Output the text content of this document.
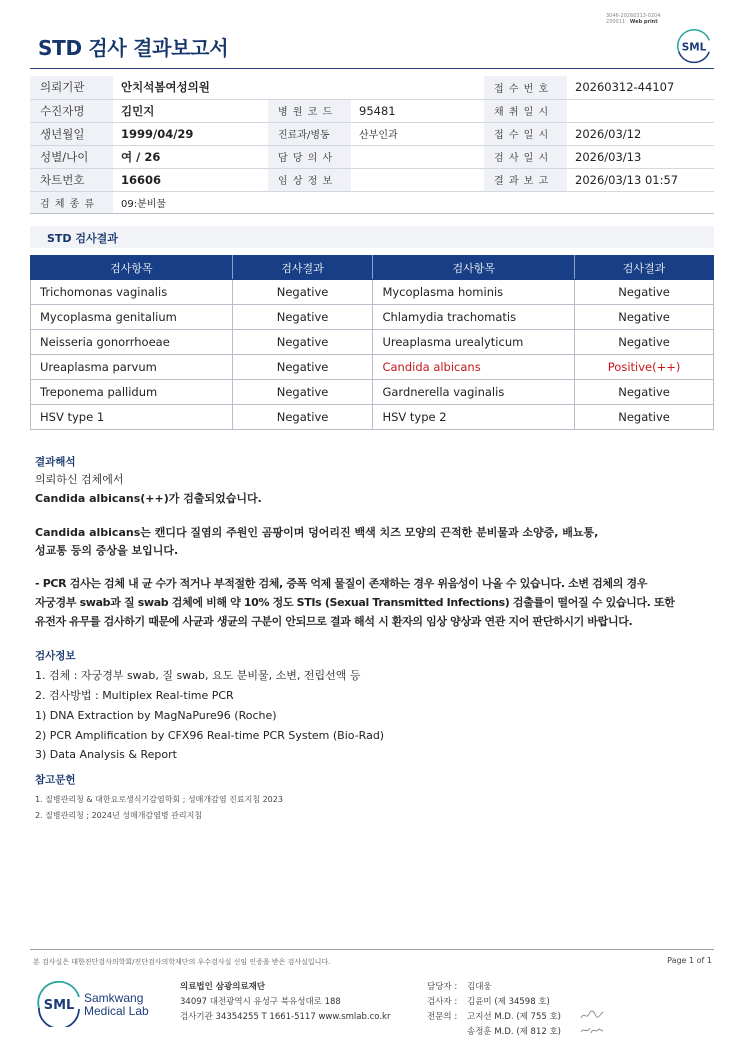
3046-20260313-0204
230011 Web print
STD 검사 결과보고서	SML
의뢰기관	안치석봄여성의원			접 수 번 호	20260312-44107
수진자명	김민지	병 원 코 드	95481	채 취 일 시	
생년월일	1999/04/29	진료과/병동	산부인과	접 수 일 시	2026/03/12
성별/나이	여 / 26	담 당 의 사		검 사 일 시	2026/03/13
차트번호	16606	임 상 정 보		결 과 보 고	2026/03/13 01:57
검 체 종 류	09:분비물				
STD 검사결과
검사항목	검사결과	검사항목	검사결과
Trichomonas vaginalis	Negative	Mycoplasma hominis	Negative
Mycoplasma genitalium	Negative	Chlamydia trachomatis	Negative
Neisseria gonorrhoeae	Negative	Ureaplasma urealyticum	Negative
Ureaplasma parvum	Negative	Candida albicans	Positive(++)
Treponema pallidum	Negative	Gardnerella vaginalis	Negative
HSV type 1	Negative	HSV type 2	Negative
결과해석
의뢰하신 검체에서
Candida albicans(++)가 검출되었습니다.
Candida albicans는 캔디다 질염의 주원인 곰팡이며 덩어리진 백색 치즈 모양의 끈적한 분비물과 소양증, 배뇨통,
성교통 등의 증상을 보입니다.
- PCR 검사는 검체 내 균 수가 적거나 부적절한 검체, 증폭 억제 물질이 존재하는 경우 위음성이 나올 수 있습니다. 소변 검체의 경우
자궁경부 swab과 질 swab 검체에 비해 약 10% 정도 STIs (Sexual Transmitted Infections) 검출률이 떨어질 수 있습니다. 또한
유전자 유무를 검사하기 때문에 사균과 생균의 구분이 안되므로 결과 해석 시 환자의 임상 양상과 연관 지어 판단하시기 바랍니다.
검사정보
1. 검체 : 자궁경부 swab, 질 swab, 요도 분비물, 소변, 전립선액 등
2. 검사방법 : Multiplex Real-time PCR
1) DNA Extraction by MagNaPure96 (Roche)
2) PCR Amplification by CFX96 Real-time PCR System (Bio-Rad)
3) Data Analysis & Report
참고문헌
1. 질병관리청 & 대한요로생식기감염학회 ; 성매개감염 진료지침 2023
2. 질병관리청 ; 2024년 성매개감염병 관리지침
본 검사실은 대한진단검사의학회/진단검사의학재단의 우수검사실 신임 인증을 받은 검사실입니다.	Page 1 of 1
SML Samkwang
Medical Lab
의료법인 삼광의료재단
34097 대전광역시 유성구 북유성대로 188
검사기관 34354255 T 1661-5117 www.smlab.co.kr
담당자 :	김대웅
검사자 :	김윤미 (제 34598 호)
전문의 :	고지선 M.D. (제 755 호)
송정훈 M.D. (제 812 호)
